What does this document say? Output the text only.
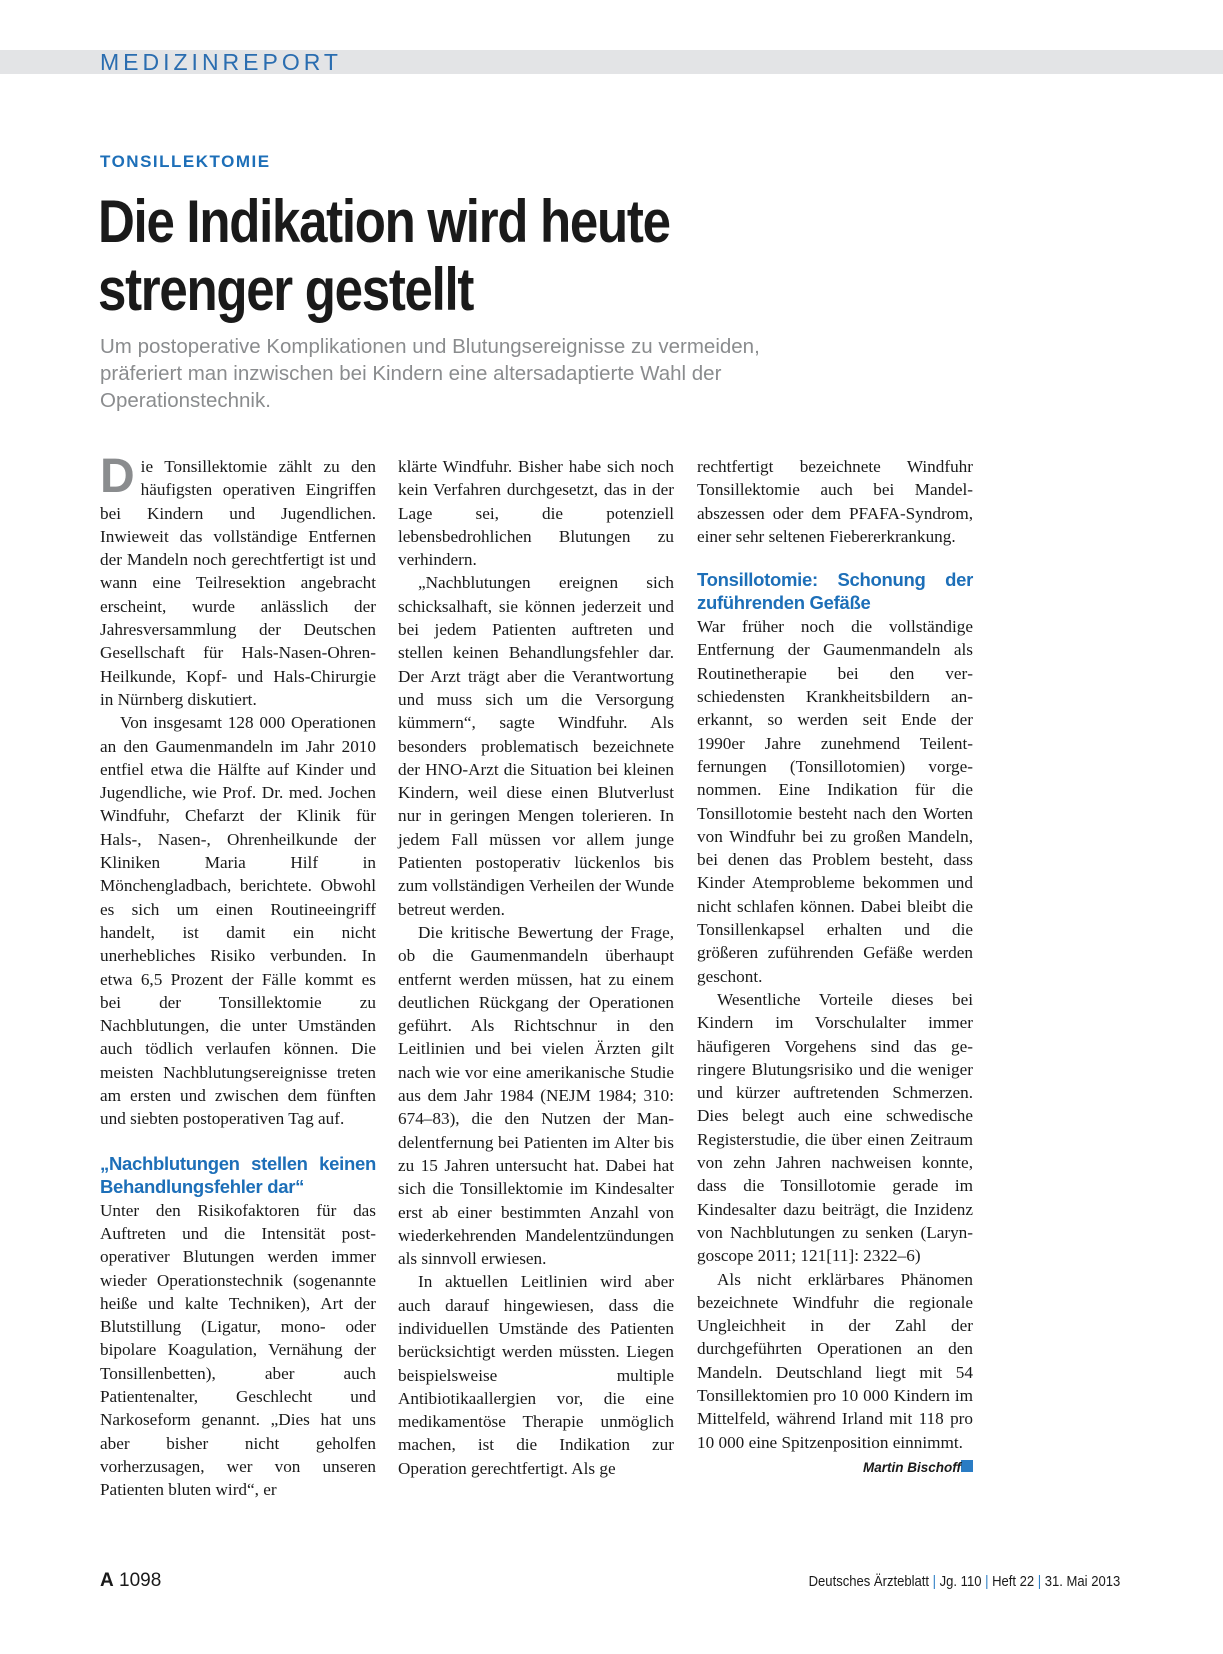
MEDIZINREPORT
TONSILLEKTOMIE
Die Indikation wird heute
strenger gestellt
Um postoperative Komplikationen und Blutungsereignisse zu vermeiden,
präferiert man inzwischen bei Kindern eine altersadaptierte Wahl der
Operationstechnik.

Die Tonsillektomie zählt zu den häufigsten operativen Eingriffen bei Kindern und Jugendlichen. Inwieweit das vollständige Entfernen der Mandeln noch gerechtfertigt ist und wann eine Teilresektion angebracht erscheint, wurde anlässlich der Jahresversammlung der Deutschen Gesellschaft für Hals-Nasen-Ohren-Heilkunde, Kopf- und Hals-Chirurgie in Nürnberg diskutiert.

Von insgesamt 128 000 Operationen an den Gaumenmandeln im Jahr 2010 entfiel etwa die Hälfte auf Kinder und Jugendliche, wie Prof. Dr. med. Jochen Windfuhr, Chefarzt der Klinik für Hals-, Nasen-, Ohrenheilkunde der Kliniken Maria Hilf in Mönchengladbach, berichtete. Obwohl es sich um einen Routineeingriff handelt, ist damit ein nicht unerhebliches Risiko verbunden. In etwa 6,5 Prozent der Fälle kommt es bei der Tonsillektomie zu Nachblutungen, die unter Umständen auch tödlich verlaufen können. Die meisten Nachblutungsereignisse treten am ersten und zwischen dem fünften und siebten postoperativen Tag auf.

„Nachblutungen stellen keinen Behandlungsfehler dar“

Unter den Risikofaktoren für das Auftreten und die Intensität postoperativer Blutungen werden immer wieder Operationstechnik (sogenannte heiße und kalte Techniken), Art der Blutstillung (Ligatur, mono- oder bipolare Koagulation, Vernähung der Tonsillenbetten), aber auch Patientenalter, Geschlecht und Narkoseform genannt. „Dies hat uns aber bisher nicht geholfen vorherzusagen, wer von unseren Patienten bluten wird“, er

klärte Windfuhr. Bisher habe sich noch kein Verfahren durchgesetzt, das in der Lage sei, die potenziell lebensbedrohlichen Blutungen zu verhindern.

„Nachblutungen ereignen sich schicksalhaft, sie können jederzeit und bei jedem Patienten auftreten und stellen keinen Behandlungsfehler dar. Der Arzt trägt aber die Verantwortung und muss sich um die Versorgung kümmern“, sagte Windfuhr. Als besonders problematisch bezeichnete der HNO-Arzt die Situation bei kleinen Kindern, weil diese einen Blutverlust nur in geringen Mengen tolerieren. In jedem Fall müssen vor allem junge Patienten postoperativ lückenlos bis zum vollständigen Verheilen der Wunde betreut werden.

Die kritische Bewertung der Frage, ob die Gaumenmandeln überhaupt entfernt werden müssen, hat zu einem deutlichen Rückgang der Operationen geführt. Als Richtschnur in den Leitlinien und bei vielen Ärzten gilt nach wie vor eine amerikanische Studie aus dem Jahr 1984 (NEJM 1984; 310: 674–83), die den Nutzen der Mandelentfernung bei Patienten im Alter bis zu 15 Jahren untersucht hat. Dabei hat sich die Tonsillektomie im Kindesalter erst ab einer bestimmten Anzahl von wiederkehrenden Mandelentzündungen als sinnvoll erwiesen.

In aktuellen Leitlinien wird aber auch darauf hingewiesen, dass die individuellen Umstände des Patienten berücksichtigt werden müssten. Liegen beispielsweise multiple Antibiotikaallergien vor, die eine medikamentöse Therapie unmöglich machen, ist die Indikation zur Operation gerechtfertigt. Als ge

rechtfertigt bezeichnete Windfuhr Tonsillektomie auch bei Mandelabszessen oder dem PFAFA-Syndrom, einer sehr seltenen Fiebererkrankung.

Tonsillotomie: Schonung der zuführenden Gefäße

War früher noch die vollständige Entfernung der Gaumenmandeln als Routinetherapie bei den verschiedensten Krankheitsbildern anerkannt, so werden seit Ende der 1990er Jahre zunehmend Teilentfernungen (Tonsillotomien) vorgenommen. Eine Indikation für die Tonsillotomie besteht nach den Worten von Windfuhr bei zu großen Mandeln, bei denen das Problem besteht, dass Kinder Atemprobleme bekommen und nicht schlafen können. Dabei bleibt die Tonsillenkapsel erhalten und die größeren zuführenden Gefäße werden geschont.

Wesentliche Vorteile dieses bei Kindern im Vorschulalter immer häufigeren Vorgehens sind das geringere Blutungsrisiko und die weniger und kürzer auftretenden Schmerzen. Dies belegt auch eine schwedische Registerstudie, die über einen Zeitraum von zehn Jahren nachweisen konnte, dass die Tonsillotomie gerade im Kindesalter dazu beiträgt, die Inzidenz von Nachblutungen zu senken (Laryngoscope 2011; 121[11]: 2322–6)

Als nicht erklärbares Phänomen bezeichnete Windfuhr die regionale Ungleichheit in der Zahl der durchgeführten Operationen an den Mandeln. Deutschland liegt mit 54 Tonsillektomien pro 10 000 Kindern im Mittelfeld, während Irland mit 118 pro 10 000 eine Spitzenposition einnimmt.

Martin Bischoff
A 1098	Deutsches Ärzteblatt | Jg. 110 | Heft 22 | 31. Mai 2013
